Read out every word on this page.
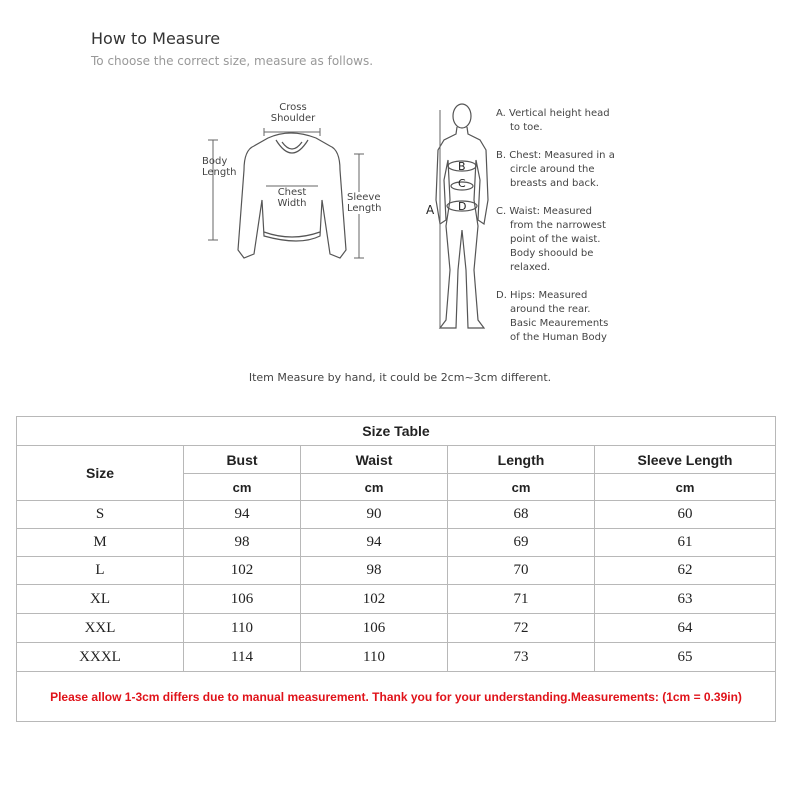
How to Measure
To choose the correct size, measure as follows.
Cross
Shoulder
Body
Length
Chest
Width
Sleeve
Length	A
B
C
D
A. Vertical height head
to toe.
B. Chest: Measured in a
circle around the
breasts and back.
C. Waist: Measured
from the narrowest
point of the waist.
Body shoould be
relaxed.
D. Hips: Measured
around the rear.
Basic Meaurements
of the Human Body
Item Measure by hand, it could be 2cm~3cm different.
Size Table				
Size	Bust	Waist	Length	Sleeve Length
	cm	cm	cm	cm
S	94	90	68	60
M	98	94	69	61
L	102	98	70	62
XL	106	102	71	63
XXL	110	106	72	64
XXXL	114	110	73	65
Please allow 1-3cm differs due to manual measurement. Thank you for your understanding.Measurements: (1cm = 0.39in)				
